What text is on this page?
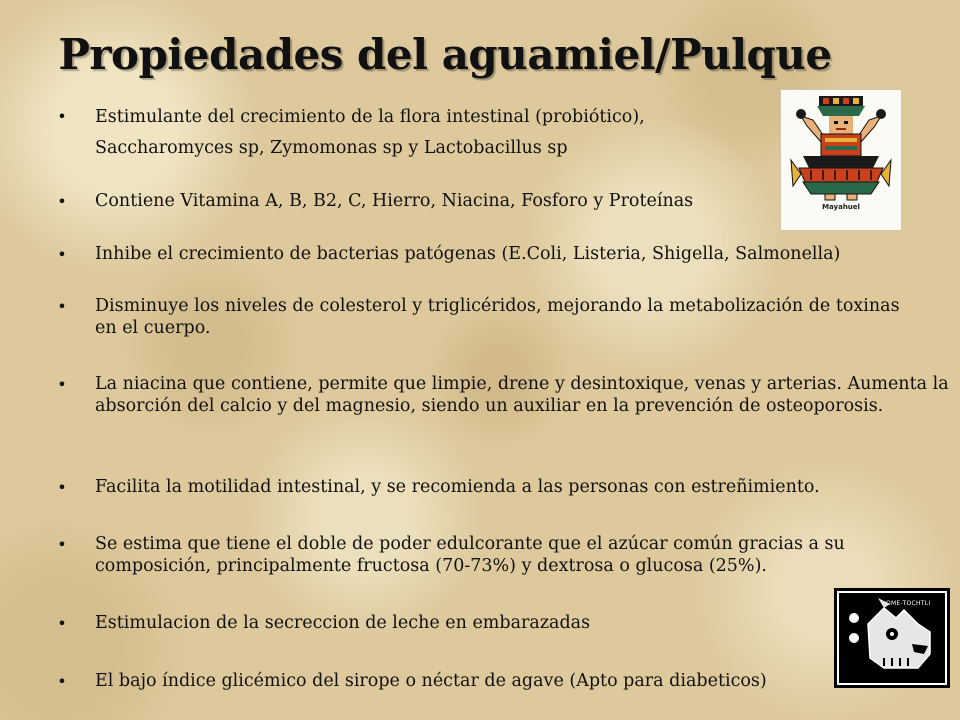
Propiedades del aguamiel/Pulque
• Estimulante del crecimiento de la flora intestinal (probiótico),
Saccharomyces sp, Zymomonas sp y Lactobacillus sp
• Contiene Vitamina A, B, B2, C, Hierro, Niacina, Fosforo y Proteínas
• Inhibe el crecimiento de bacterias patógenas (E.Coli, Listeria, Shigella, Salmonella)
• Disminuye los niveles de colesterol y triglicéridos, mejorando la metabolización de toxinas en el cuerpo.
• La niacina que contiene, permite que limpie, drene y desintoxique, venas y arterias. Aumenta la absorción del calcio y del magnesio, siendo un auxiliar en la prevención de osteoporosis.
• Facilita la motilidad intestinal, y se recomienda a las personas con estreñimiento.
• Se estima que tiene el doble de poder edulcorante que el azúcar común gracias a su composición, principalmente fructosa (70-73%) y dextrosa o glucosa (25%).
• Estimulacion de la secreccion de leche en embarazadas
• El bajo índice glicémico del sirope o néctar de agave (Apto para diabeticos)
Mayahuel
OME-TOCHTLI
